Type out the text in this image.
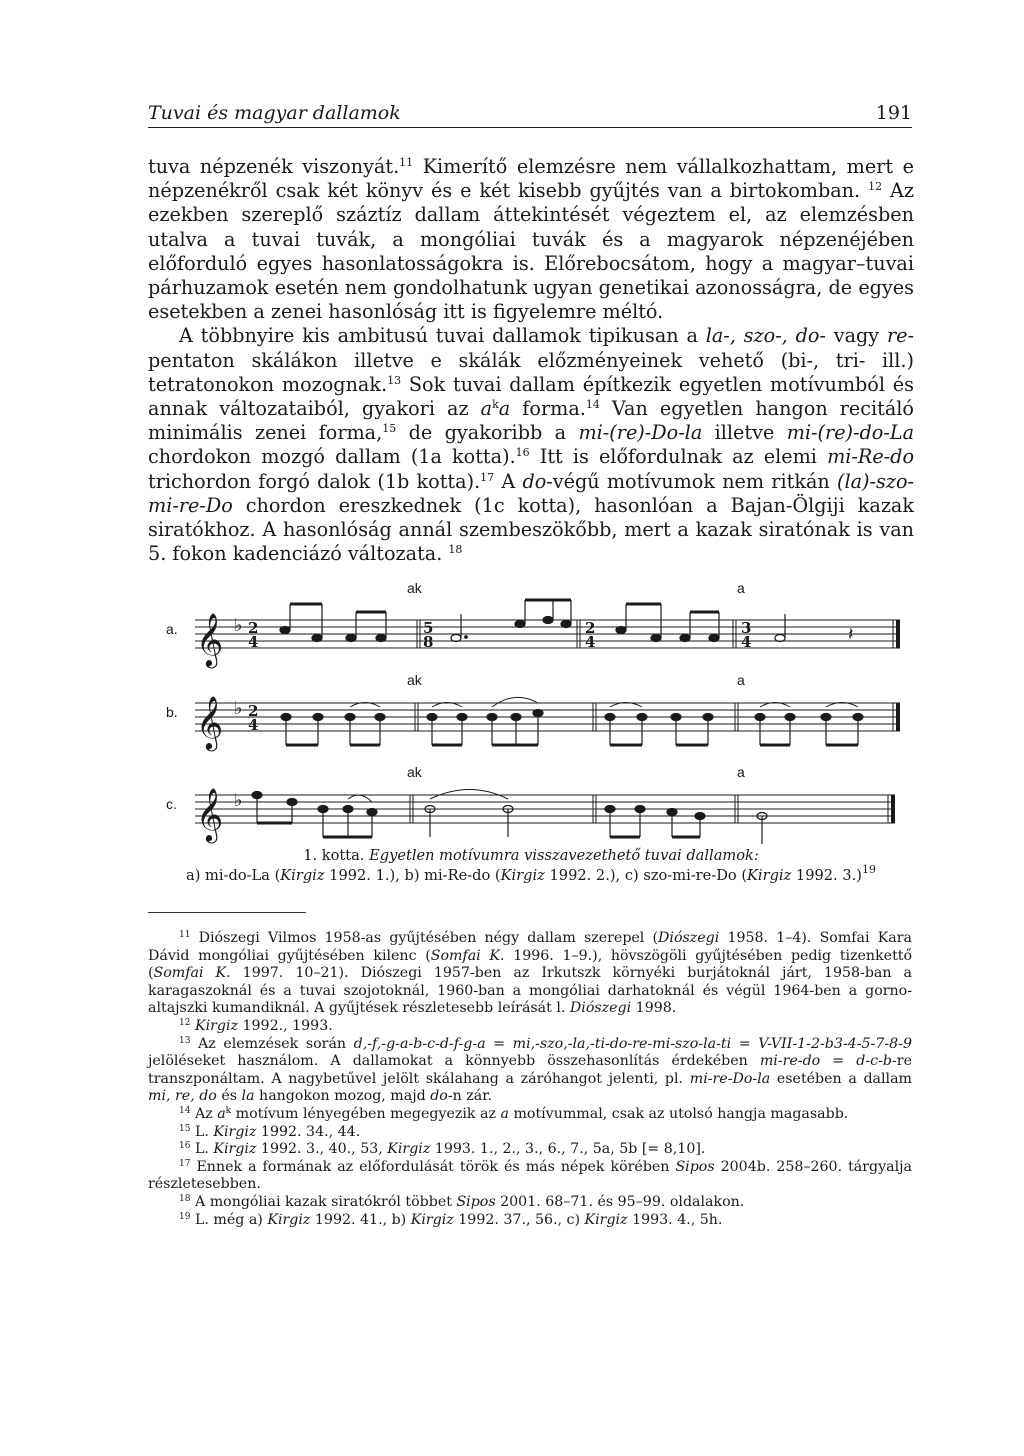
Tuvai és magyar dallamok	191

tuva népzenék viszonyát.$^{11}$ Kimerítő elemzésre nem vállalkozhattam, mert e népzenékről csak két könyv és e két kisebb gyűjtés van a birtokomban. $^{12}$ Az ezekben szereplő száztíz dallam áttekintését végeztem el, az elemzésben utalva a tuvai tuvák, a mongóliai tuvák és a magyarok népzenéjében előforduló egyes hasonlatosságokra is. Előrebocsátom, hogy a magyar–tuvai párhuzamok esetén nem gondolhatunk ugyan genetikai azonosságra, de egyes esetekben a zenei hasonlóság itt is figyelemre méltó.

A többnyire kis ambitusú tuvai dallamok tipikusan a la-, szo-, do- vagy re-pentaton skálákon illetve e skálák előzményeinek vehető (bi-, tri- ill.) tetratonokon mozognak.$^{13}$ Sok tuvai dallam építkezik egyetlen motívumból és annak változataiból, gyakori az $a^ka$ forma.$^{14}$ Van egyetlen hangon recitáló minimális zenei forma,$^{15}$ de gyakoribb a mi-(re)-Do-la illetve mi-(re)-do-La chordokon mozgó dallam (1a kotta).$^{16}$ Itt is előfordulnak az elemi mi-Re-do trichordon forgó dalok (1b kotta).$^{17}$ A do-végű motívumok nem ritkán (la)-szo-mi-re-Do chordon ereszkednek (1c kotta), hasonlóan a Bajan-Ölgiji kazak siratókhoz. A hasonlóság annál szembeszökőbb, mert a kazak siratónak is van 5. fokon kadenciázó változata. $^{18}$

𝄞
𝄞
𝄞
♭
♭
♭
2
4
5
8
2
4
3
4
2
4
𝄽
a.
ak	a
b.
ak	a
c.
ak	a
1. kotta. Egyetlen motívumra visszavezethető tuvai dallamok:
a) mi-do-La (Kirgiz 1992. 1.), b) mi-Re-do (Kirgiz 1992. 2.), c) szo-mi-re-Do (Kirgiz 1992. 3.)$^{19}$

$^{11}$ Diószegi Vilmos 1958-as gyűjtésében négy dallam szerepel (Diószegi 1958. 1–4). Somfai Kara Dávid mongóliai gyűjtésében kilenc (Somfai K. 1996. 1–9.), hövszögöli gyűjtésében pedig tizenkettő (Somfai K. 1997. 10–21). Diószegi 1957-ben az Irkutszk környéki burjátoknál járt, 1958-ban a karagaszoknál és a tuvai szojotoknál, 1960-ban a mongóliai darhatoknál és végül 1964-ben a gorno-altajszki kumandiknál. A gyűjtések részletesebb leírását l. Diószegi 1998.

$^{12}$ Kirgiz 1992., 1993.

$^{13}$ Az elemzések során d,-f,-g-a-b-c-d-f-g-a = mi,-szo,-la,-ti-do-re-mi-szo-la-ti = V-VII-1-2-b3-4-5-7-8-9 jelöléseket használom. A dallamokat a könnyebb összehasonlítás érdekében mi-re-do = d-c-b-re transzponáltam. A nagybetűvel jelölt skálahang a záróhangot jelenti, pl. mi-re-Do-la esetében a dallam mi, re, do és la hangokon mozog, majd do-n zár.

$^{14}$ Az $a^k$ motívum lényegében megegyezik az a motívummal, csak az utolsó hangja magasabb.

$^{15}$ L. Kirgiz 1992. 34., 44.

$^{16}$ L. Kirgiz 1992. 3., 40., 53, Kirgiz 1993. 1., 2., 3., 6., 7., 5a, 5b [= 8,10].

$^{17}$ Ennek a formának az előfordulását török és más népek körében Sipos 2004b. 258–260. tárgyalja részletesebben.

$^{18}$ A mongóliai kazak siratókról többet Sipos 2001. 68–71. és 95–99. oldalakon.

$^{19}$ L. még a) Kirgiz 1992. 41., b) Kirgiz 1992. 37., 56., c) Kirgiz 1993. 4., 5h.
